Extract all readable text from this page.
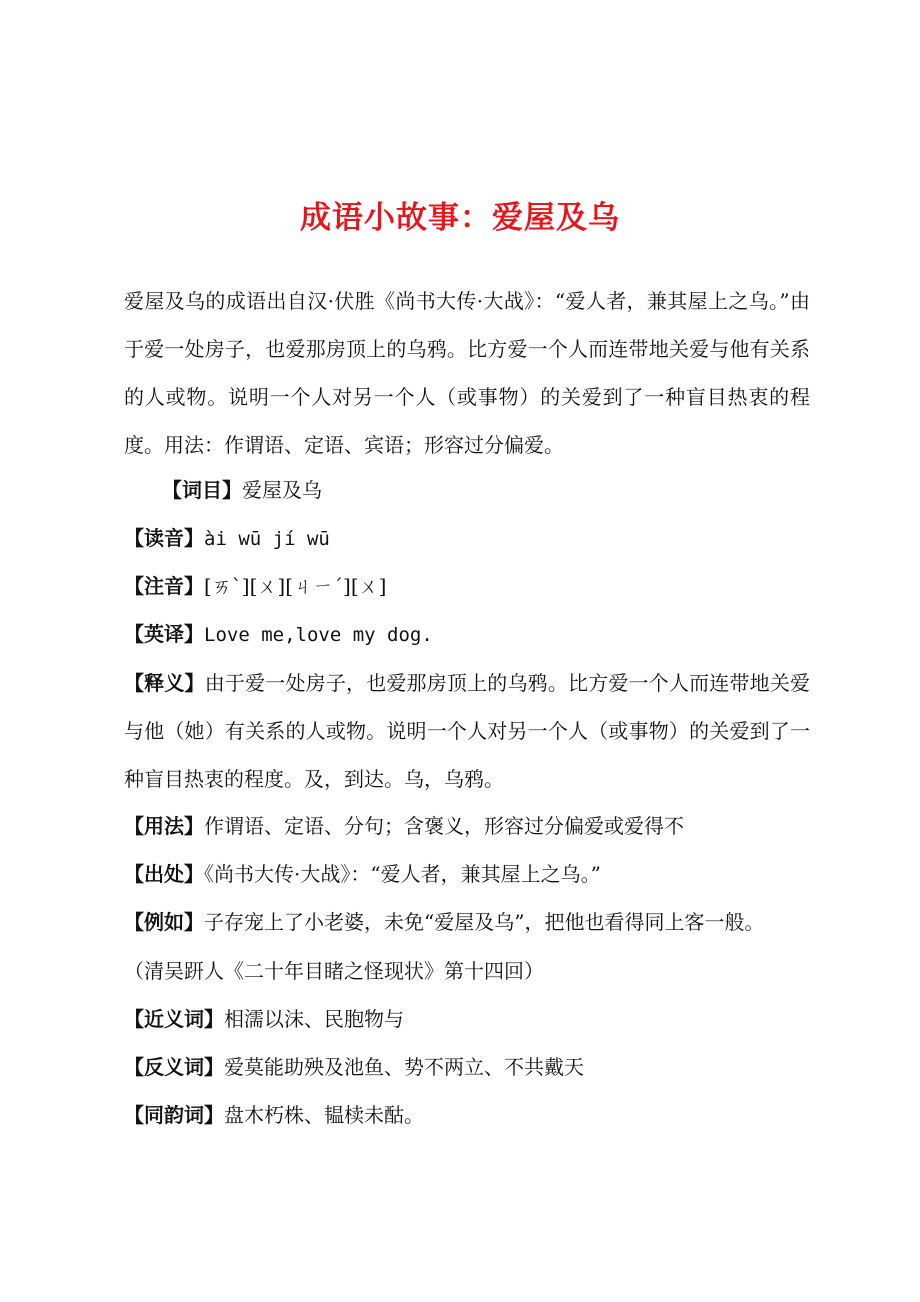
成语小故事：爱屋及乌
爱屋及乌的成语出自汉·伏胜《尚书大传·大战》：“爱人者，兼其屋上之乌。”由于爱一处房子，也爱那房顶上的乌鸦。比方爱一个人而连带地关爱与他有关系的人或物。说明一个人对另一个人（或事物）的关爱到了一种盲目热衷的程度。用法：作谓语、定语、宾语；形容过分偏爱。
【词目】爱屋及乌
【读音】ài wū jí wū
【注音】[ㄞˋ][ㄨ][ㄐㄧˊ][ㄨ]
【英译】Love me,love my dog.
【释义】由于爱一处房子，也爱那房顶上的乌鸦。比方爱一个人而连带地关爱与他（她）有关系的人或物。说明一个人对另一个人（或事物）的关爱到了一种盲目热衷的程度。及，到达。乌，乌鸦。
【用法】作谓语、定语、分句；含褒义，形容过分偏爱或爱得不
【出处】《尚书大传·大战》：“爱人者，兼其屋上之乌。”
【例如】子存宠上了小老婆，未免“爱屋及乌”，把他也看得同上客一般。
（清吴趼人《二十年目睹之怪现状》第十四回）
【近义词】相濡以沫、民胞物与
【反义词】爱莫能助殃及池鱼、势不两立、不共戴天
【同韵词】盘木朽株、韫椟未酤。
